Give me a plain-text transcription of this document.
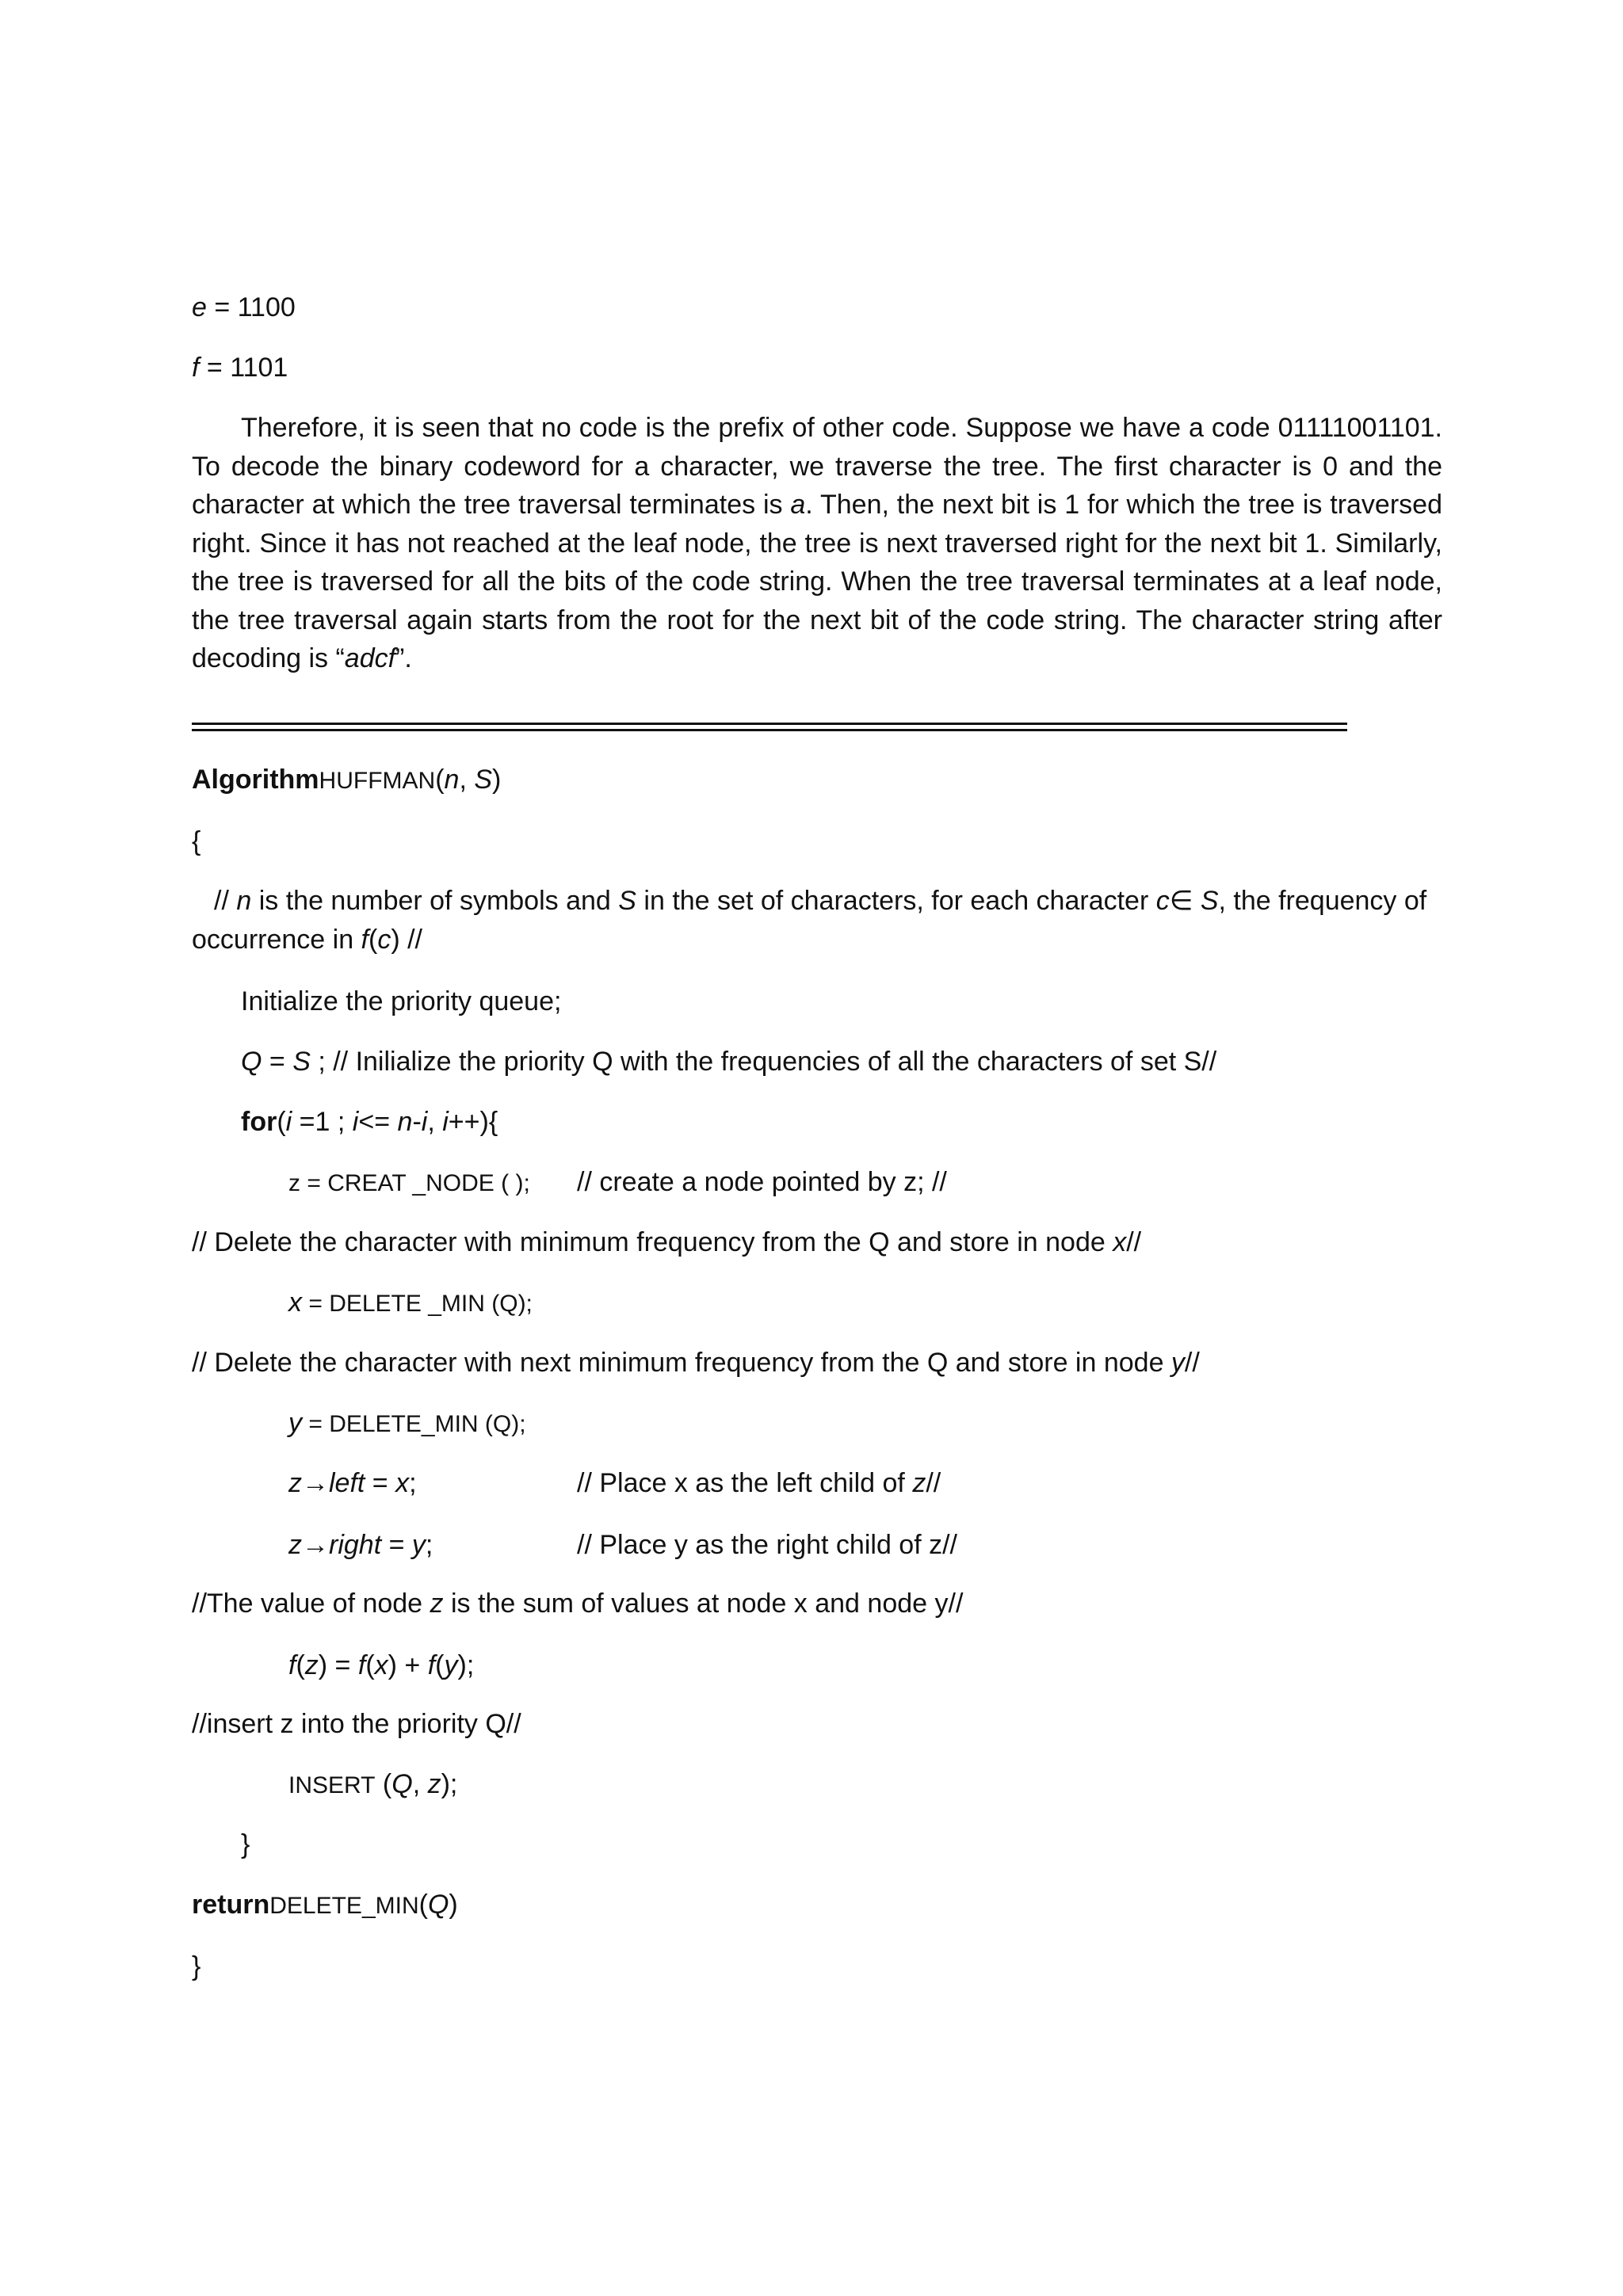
e = 1100
f = 1101
Therefore, it is seen that no code is the prefix of other code. Suppose we have a code 01111001101. To decode the binary codeword for a character, we traverse the tree. The first character is 0 and the character at which the tree traversal terminates is a. Then, the next bit is 1 for which the tree is traversed right. Since it has not reached at the leaf node, the tree is next traversed right for the next bit 1. Similarly, the tree is traversed for all the bits of the code string. When the tree traversal terminates at a leaf node, the tree traversal again starts from the root for the next bit of the code string. The character string after decoding is “adcf”.
AlgorithmHUFFMAN(n, S)
{
// n is the number of symbols and S in the set of characters, for each character c∈ S, the frequency of occurrence in f(c) //
Initialize the priority queue;
Q = S ; // Inilialize the priority Q with the frequencies of all the characters of set S//
for(i =1 ; i<= n-i, i++){
z = CREAT _NODE ( ); // create a node pointed by z; //
// Delete the character with minimum frequency from the Q and store in node x//
x = DELETE _MIN (Q);
// Delete the character with next minimum frequency from the Q and store in node y//
y = DELETE_MIN (Q);
z→left = x;	// Place x as the left child of z//
z→right = y;	// Place y as the right child of z//
//The value of node z is the sum of values at node x and node y//
f(z) = f(x) + f(y);
//insert z into the priority Q//
INSERT (Q, z);
}
returnDELETE_MIN(Q)
}
